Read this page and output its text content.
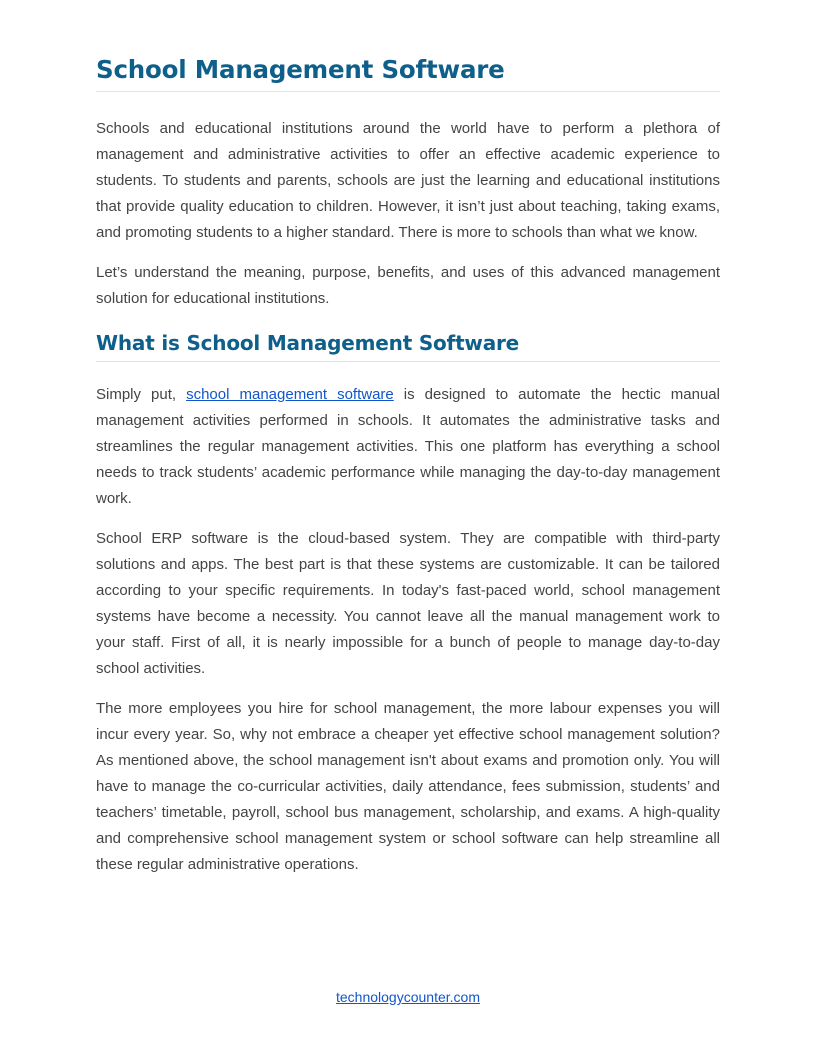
School Management Software

Schools and educational institutions around the world have to perform a plethora of management and administrative activities to offer an effective academic experience to students. To students and parents, schools are just the learning and educational institutions that provide quality education to children. However, it isn’t just about teaching, taking exams, and promoting students to a higher standard. There is more to schools than what we know.

Let’s understand the meaning, purpose, benefits, and uses of this advanced management solution for educational institutions.

What is School Management Software

Simply put, school management software is designed to automate the hectic manual management activities performed in schools. It automates the administrative tasks and streamlines the regular management activities. This one platform has everything a school needs to track students’ academic performance while managing the day-to-day management work.

School ERP software is the cloud-based system. They are compatible with third-party solutions and apps. The best part is that these systems are customizable. It can be tailored according to your specific requirements. In today's fast-paced world, school management systems have become a necessity. You cannot leave all the manual management work to your staff. First of all, it is nearly impossible for a bunch of people to manage day-to-day school activities.

The more employees you hire for school management, the more labour expenses you will incur every year. So, why not embrace a cheaper yet effective school management solution? As mentioned above, the school management isn't about exams and promotion only. You will have to manage the co-curricular activities, daily attendance, fees submission, students’ and teachers’ timetable, payroll, school bus management, scholarship, and exams. A high-quality and comprehensive school management system or school software can help streamline all these regular administrative operations.

technologycounter.com
